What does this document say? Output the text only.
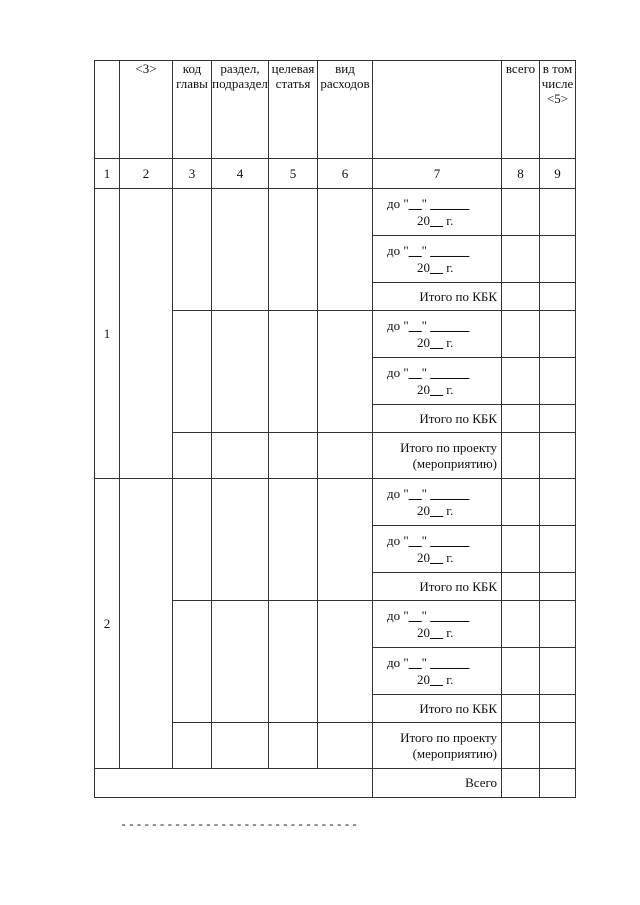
	<3>	код главы	раздел, подраздел	целевая статья	вид расходов		всего	в том числе <5>
1	2	3	4	5	6	7	8	9
1						до "__" ______
20__ г.		

						до "__" ______
20__ г.		

						Итого по КБК		

						до "__" ______
20__ г.		

						до "__" ______
20__ г.		

						Итого по КБК		

						Итого по проекту
(мероприятию)		

2						до "__" ______
20__ г.		

						до "__" ______
20__ г.		

						Итого по КБК		

						до "__" ______
20__ г.		

						до "__" ______
20__ г.		

						Итого по КБК		

						Итого по проекту
(мероприятию)		

						Всего		
-------------------------------
